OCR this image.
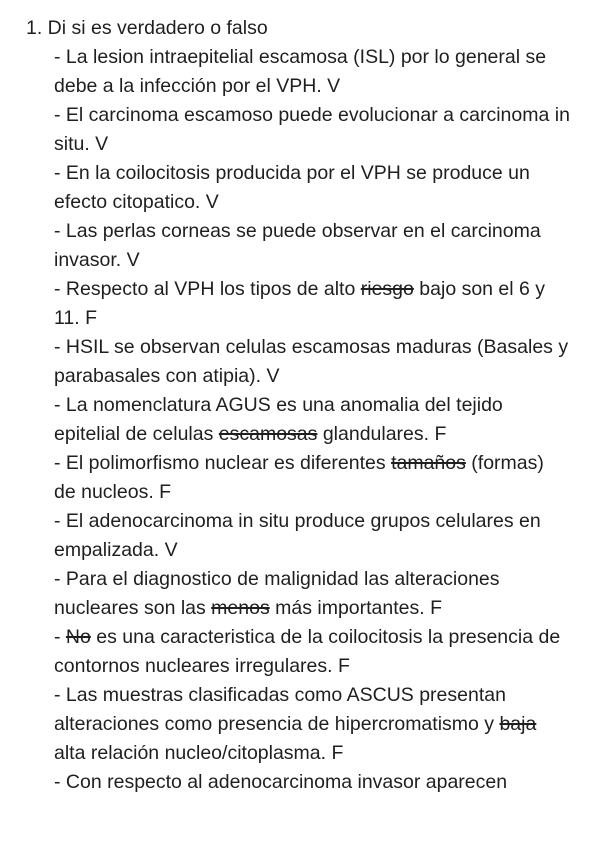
1. Di si es verdadero o falso
- La lesion intraepitelial escamosa (ISL) por lo general se debe a la infección por el VPH. V
- El carcinoma escamoso puede evolucionar a carcinoma in situ. V
- En la coilocitosis producida por el VPH se produce un efecto citopatico. V
- Las perlas corneas se puede observar en el carcinoma invasor. V
- Respecto al VPH los tipos de alto riesgo bajo son el 6 y 11. F
- HSIL se observan celulas escamosas maduras (Basales y parabasales con atipia). V
- La nomenclatura AGUS es una anomalia del tejido epitelial de celulas escamosas glandulares. F
- El polimorfismo nuclear es diferentes tamaños (formas) de nucleos. F
- El adenocarcinoma in situ produce grupos celulares en empalizada. V
- Para el diagnostico de malignidad las alteraciones nucleares son las menos más importantes. F
- No es una caracteristica de la coilocitosis la presencia de contornos nucleares irregulares. F
- Las muestras clasificadas como ASCUS presentan alteraciones como presencia de hipercromatismo y baja alta relación nucleo/citoplasma. F
- Con respecto al adenocarcinoma invasor aparecen
